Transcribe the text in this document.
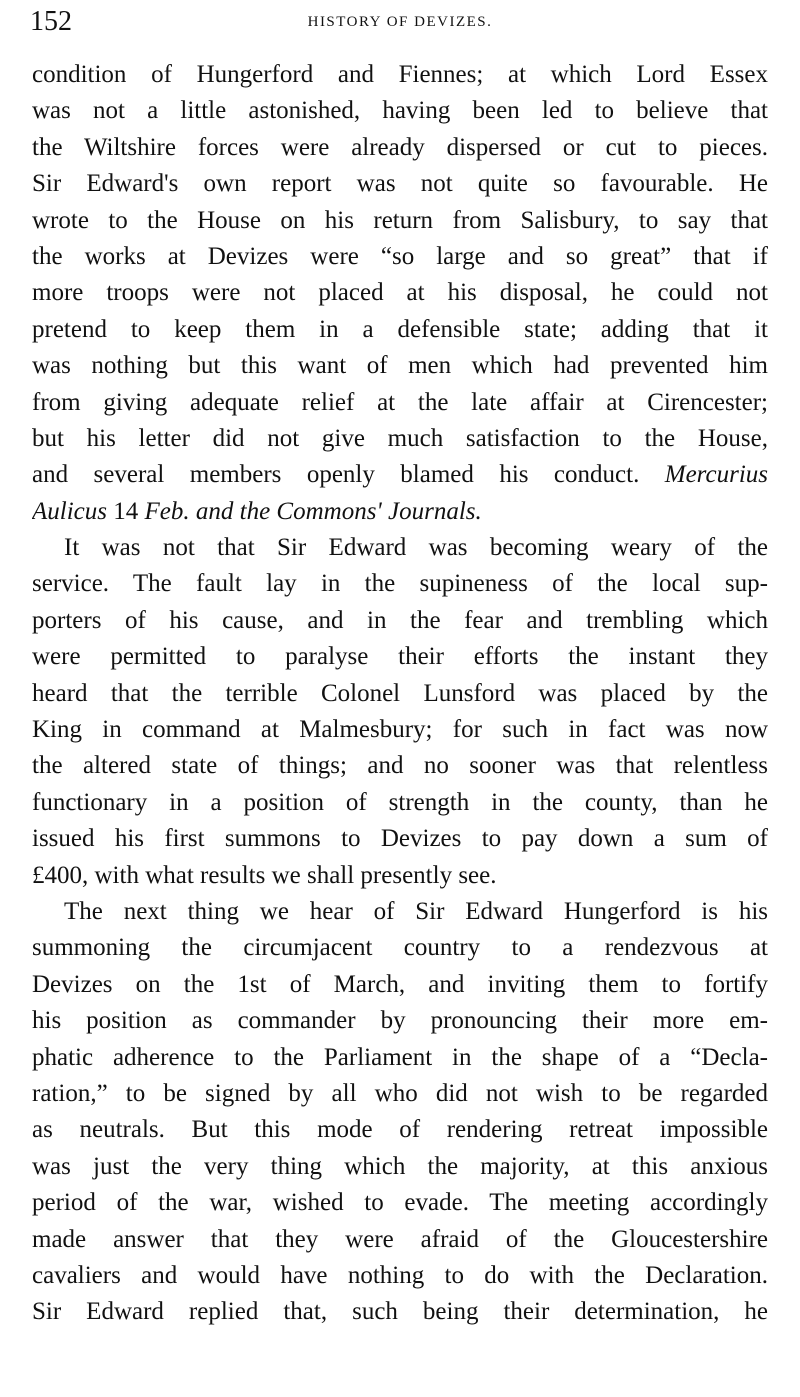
152	HISTORY OF DEVIZES.
condition of Hungerford and Fiennes; at which Lord Essex
was not a little astonished, having been led to believe that
the Wiltshire forces were already dispersed or cut to pieces.
Sir Edward's own report was not quite so favourable. He
wrote to the House on his return from Salisbury, to say that
the works at Devizes were “so large and so great” that if
more troops were not placed at his disposal, he could not
pretend to keep them in a defensible state; adding that it
was nothing but this want of men which had prevented him
from giving adequate relief at the late affair at Cirencester;
but his letter did not give much satisfaction to the House,
and several members openly blamed his conduct. Mercurius
Aulicus 14 Feb. and the Commons' Journals.
It was not that Sir Edward was becoming weary of the
service. The fault lay in the supineness of the local sup-
porters of his cause, and in the fear and trembling which
were permitted to paralyse their efforts the instant they
heard that the terrible Colonel Lunsford was placed by the
King in command at Malmesbury; for such in fact was now
the altered state of things; and no sooner was that relentless
functionary in a position of strength in the county, than he
issued his first summons to Devizes to pay down a sum of
£400, with what results we shall presently see.
The next thing we hear of Sir Edward Hungerford is his
summoning the circumjacent country to a rendezvous at
Devizes on the 1st of March, and inviting them to fortify
his position as commander by pronouncing their more em-
phatic adherence to the Parliament in the shape of a “Decla-
ration,” to be signed by all who did not wish to be regarded
as neutrals. But this mode of rendering retreat impossible
was just the very thing which the majority, at this anxious
period of the war, wished to evade. The meeting accordingly
made answer that they were afraid of the Gloucestershire
cavaliers and would have nothing to do with the Declaration.
Sir Edward replied that, such being their determination, he
